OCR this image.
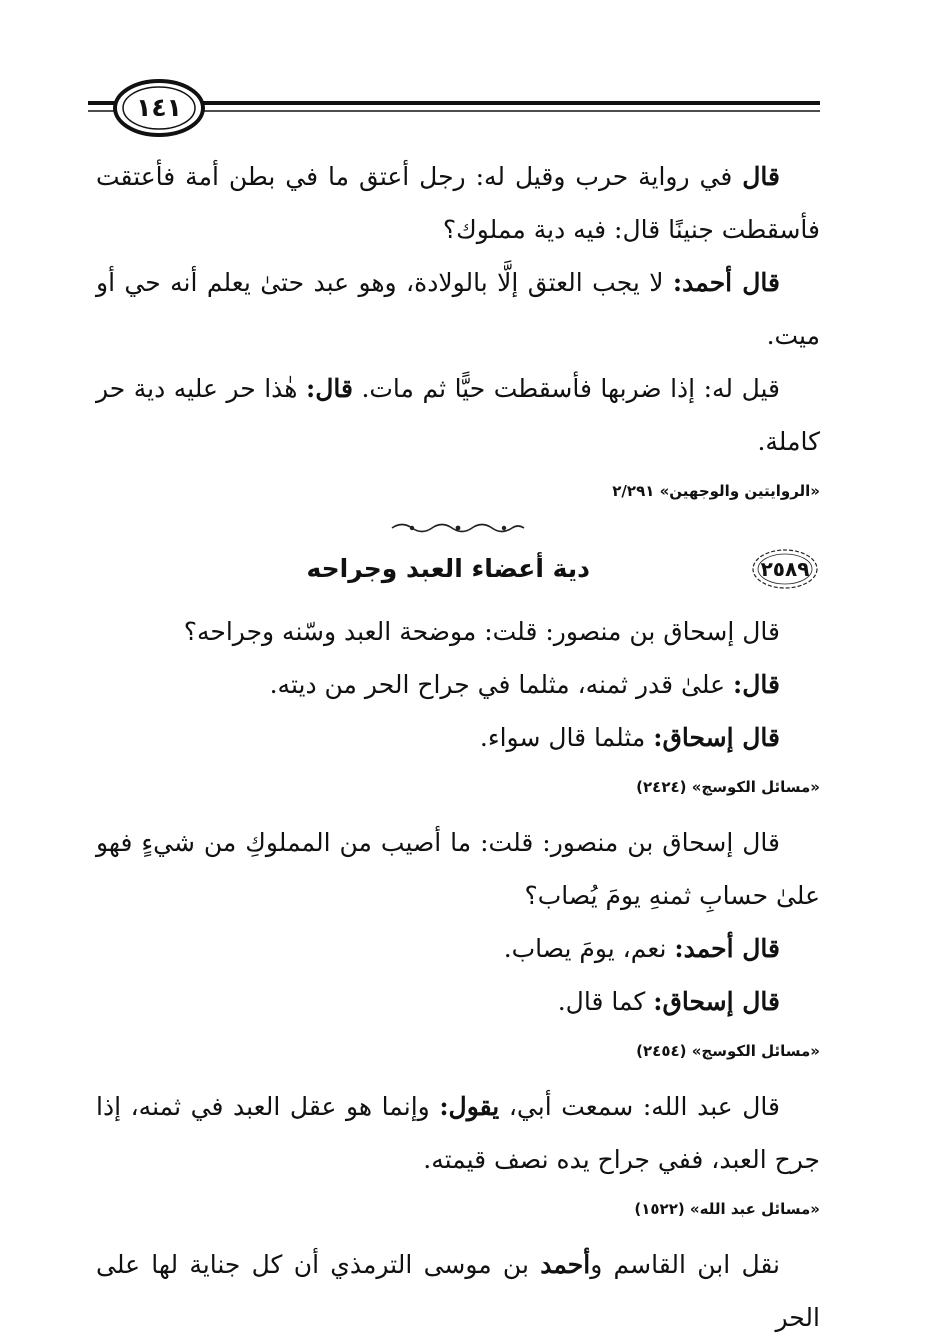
١٤١

قال في رواية حرب وقيل له: رجل أعتق ما في بطن أمة فأعتقت فأسقطت جنينًا قال: فيه دية مملوك؟

قال أحمد: لا يجب العتق إلَّا بالولادة، وهو عبد حتىٰ يعلم أنه حي أو ميت.

قيل له: إذا ضربها فأسقطت حيًّا ثم مات. قال: هٰذا حر عليه دية حر كاملة.

«الروايتين والوجهين» ٢/٢٩١
٢٥٨٩
دية أعضاء العبد وجراحه

قال إسحاق بن منصور: قلت: موضحة العبد وسّنه وجراحه؟

قال: علىٰ قدر ثمنه، مثلما في جراح الحر من ديته.

قال إسحاق: مثلما قال سواء.

«مسائل الكوسج» (٢٤٢٤)

قال إسحاق بن منصور: قلت: ما أصيب من المملوكِ من شيءٍ فهو علىٰ حسابِ ثمنهِ يومَ يُصاب؟

قال أحمد: نعم، يومَ يصاب.

قال إسحاق: كما قال.

«مسائل الكوسج» (٢٤٥٤)

قال عبد الله: سمعت أبي، يقول: وإنما هو عقل العبد في ثمنه، إذا جرح العبد، ففي جراح يده نصف قيمته.

«مسائل عبد الله» (١٥٢٢)

نقل ابن القاسم وأحمد بن موسى الترمذي أن كل جناية لها على الحر
